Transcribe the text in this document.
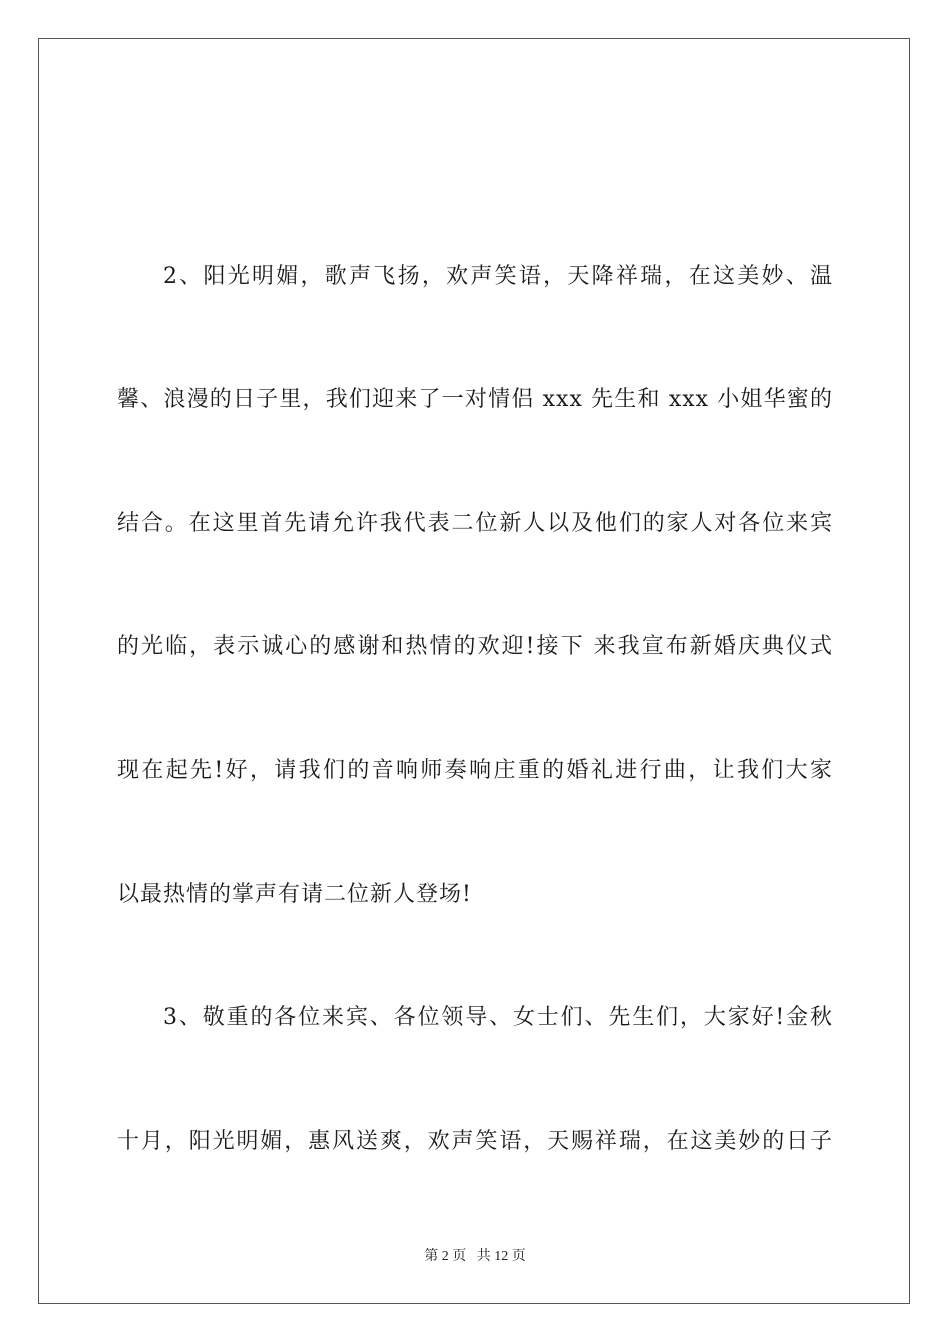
2、阳光明媚，歌声飞扬，欢声笑语，天降祥瑞，在这美妙、温
馨、浪漫的日子里，我们迎来了一对情侣 xxx 先生和 xxx 小姐华蜜的
结合。在这里首先请允许我代表二位新人以及他们的家人对各位来宾
的光临，表示诚心的感谢和热情的欢迎!接下 来我宣布新婚庆典仪式
现在起先!好，请我们的音响师奏响庄重的婚礼进行曲，让我们大家
以最热情的掌声有请二位新人登场!
3、敬重的各位来宾、各位领导、女士们、先生们，大家好!金秋
十月，阳光明媚，惠风送爽，欢声笑语，天赐祥瑞，在这美妙的日子
第 2 页 共 12 页
